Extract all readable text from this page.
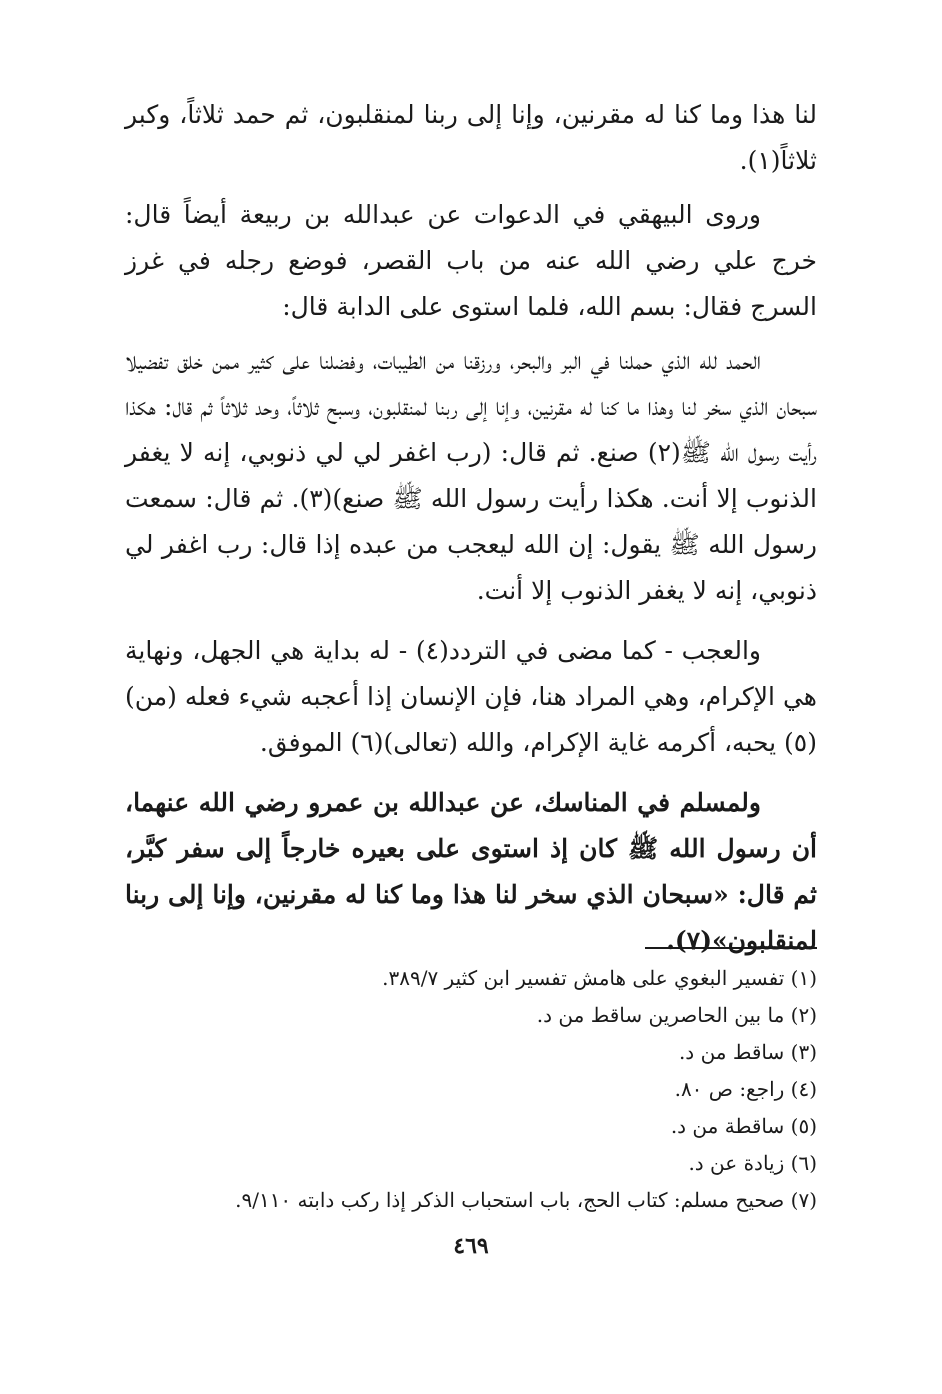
لنا هذا وما كنا له مقرنين، وإنا إلى ربنا لمنقلبون، ثم حمد ثلاثاً، وكبر ثلاثاً(١).

وروى البيهقي في الدعوات عن عبدالله بن ربيعة أيضاً قال: خرج علي رضي الله عنه من باب القصر، فوضع رجله في غرز السرج فقال: بسم الله، فلما استوى على الدابة قال:

الحمد لله الذي حملنا في البر والبحر، ورزقنا من الطيبات، وفضلنا على كثير ممن خلق تفضيلا سبحان الذي سخر لنا وهذا ما كنا له مقرنين، وإنا إلى ربنا لمنقلبون، وسبح ثلاثاً، وحد ثلاثاً ثم قال: هكذا رأيت رسول الله ﷺ(٢) صنع. ثم قال: (رب اغفر لي لي ذنوبي، إنه لا يغفر الذنوب إلا أنت. هكذا رأيت رسول الله ﷺ صنع)(٣). ثم قال: سمعت رسول الله ﷺ يقول: إن الله ليعجب من عبده إذا قال: رب اغفر لي ذنوبي، إنه لا يغفر الذنوب إلا أنت.

والعجب - كما مضى في التردد(٤) - له بداية هي الجهل، ونهاية هي الإكرام، وهي المراد هنا، فإن الإنسان إذا أعجبه شيء فعله (من)(٥) يحبه، أكرمه غاية الإكرام، والله (تعالى)(٦) الموفق.

ولمسلم في المناسك، عن عبدالله بن عمرو رضي الله عنهما، أن رسول الله ﷺ كان إذ استوى على بعيره خارجاً إلى سفر كبَّر، ثم قال: «سبحان الذي سخر لنا هذا وما كنا له مقرنين، وإنا إلى ربنا لمنقلبون»(٧).

(١) تفسير البغوي على هامش تفسير ابن كثير ٣٨٩/٧.
(٢) ما بين الحاصرين ساقط من د.
(٣) ساقط من د.
(٤) راجع: ص ٨٠.
(٥) ساقطة من د.
(٦) زيادة عن د.
(٧) صحيح مسلم: كتاب الحج، باب استحباب الذكر إذا ركب دابته ٩/١١٠.
٤٦٩
